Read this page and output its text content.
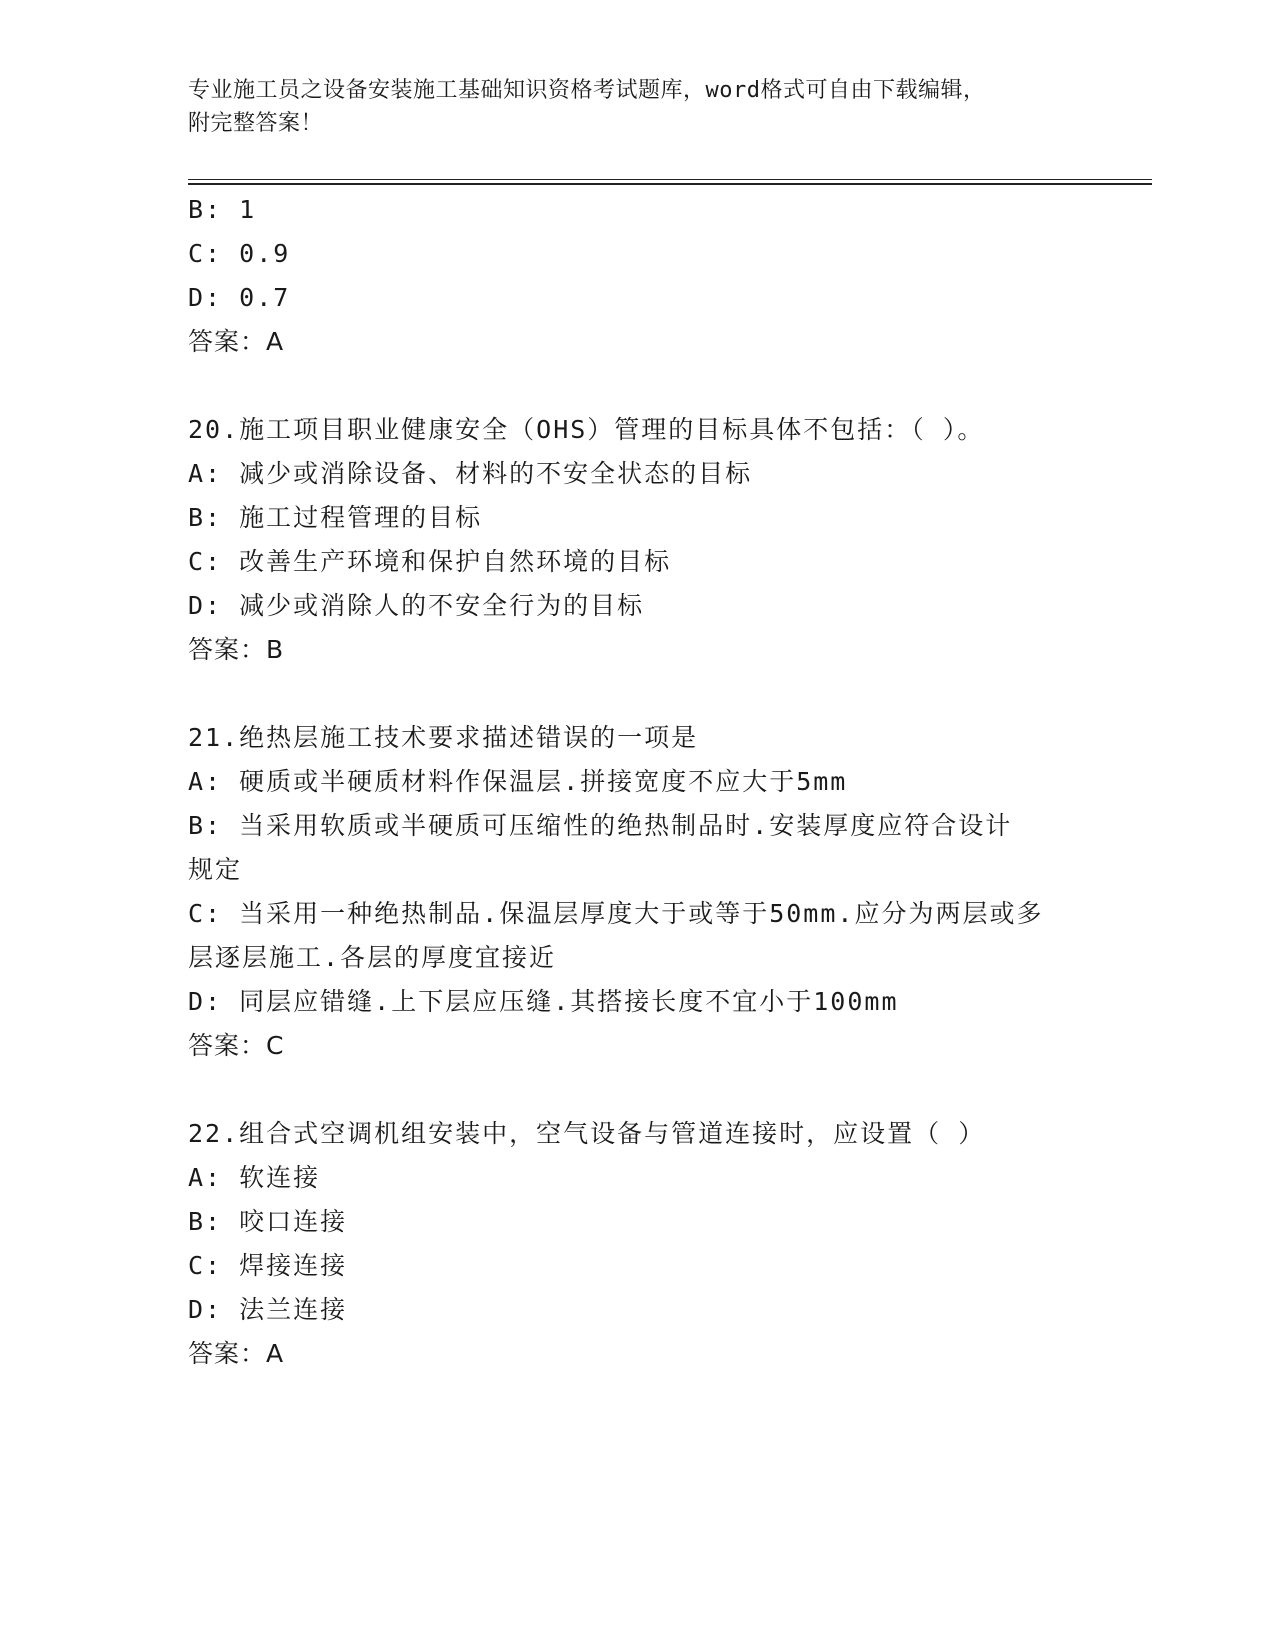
专业施工员之设备安装施工基础知识资格考试题库，word格式可自由下载编辑，
附完整答案！
B: 1
C: 0.9
D: 0.7
答案：A
20.施工项目职业健康安全（OHS）管理的目标具体不包括：（ ）。
A: 减少或消除设备、材料的不安全状态的目标
B: 施工过程管理的目标
C: 改善生产环境和保护自然环境的目标
D: 减少或消除人的不安全行为的目标
答案：B
21.绝热层施工技术要求描述错误的一项是
A: 硬质或半硬质材料作保温层.拼接宽度不应大于5mm
B: 当采用软质或半硬质可压缩性的绝热制品时.安装厚度应符合设计
规定
C: 当采用一种绝热制品.保温层厚度大于或等于50mm.应分为两层或多
层逐层施工.各层的厚度宜接近
D: 同层应错缝.上下层应压缝.其搭接长度不宜小于100mm
答案：C
22.组合式空调机组安装中，空气设备与管道连接时，应设置（ ）
A: 软连接
B: 咬口连接
C: 焊接连接
D: 法兰连接
答案：A
